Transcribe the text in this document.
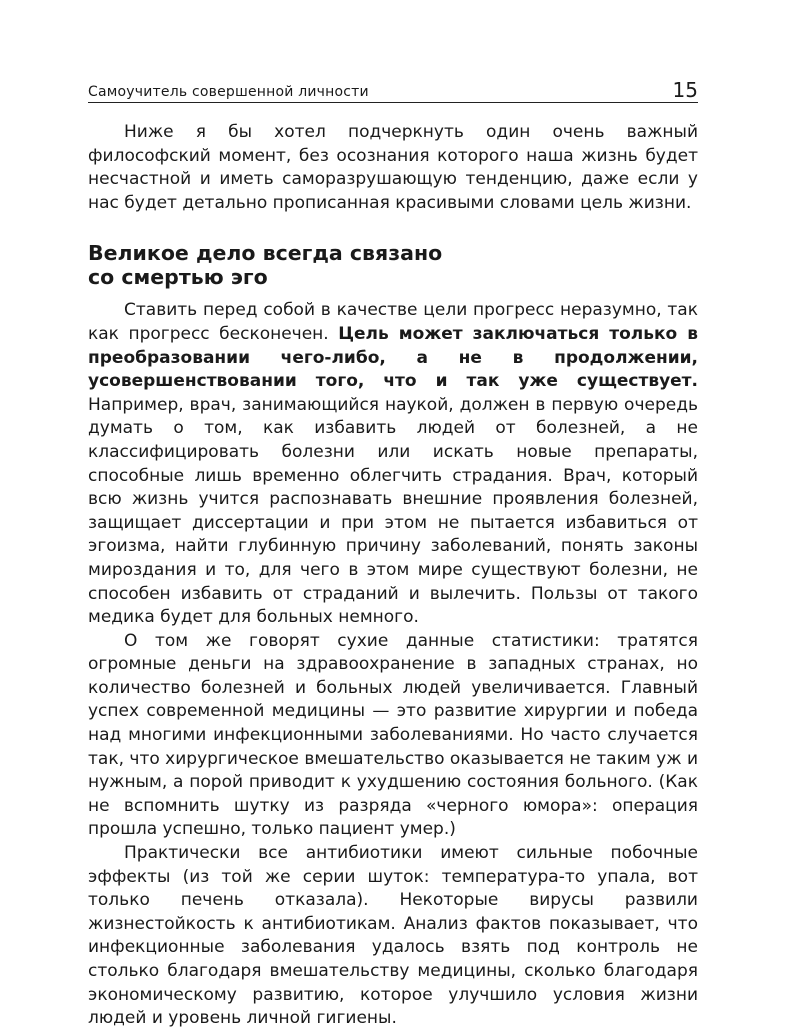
Самоучитель совершенной личности	15

Ниже я бы хотел подчеркнуть один очень важный философский момент, без осознания которого наша жизнь будет несчастной и иметь саморазрушающую тенденцию, даже если у нас будет детально прописанная красивыми словами цель жизни.

Великое дело всегда связано
со смертью эго

Ставить перед собой в качестве цели прогресс неразумно, так как прогресс бесконечен. Цель может заключаться только в преобразовании чего-либо, а не в продолжении, усовершенствовании того, что и так уже существует. Например, врач, занимающийся наукой, должен в первую очередь думать о том, как избавить людей от болезней, а не классифицировать болезни или искать новые препараты, способные лишь временно облегчить страдания. Врач, который всю жизнь учится распознавать внешние проявления болезней, защищает диссертации и при этом не пытается избавиться от эгоизма, найти глубинную причину заболеваний, понять законы мироздания и то, для чего в этом мире существуют болезни, не способен избавить от страданий и вылечить. Пользы от такого медика будет для больных немного.

О том же говорят сухие данные статистики: тратятся огромные деньги на здравоохранение в западных странах, но количество болезней и больных людей увеличивается. Главный успех современной медицины — это развитие хирургии и победа над многими инфекционными заболеваниями. Но часто случается так, что хирургическое вмешательство оказывается не таким уж и нужным, а порой приводит к ухудшению состояния больного. (Как не вспомнить шутку из разряда «черного юмора»: операция прошла успешно, только пациент умер.)

Практически все антибиотики имеют сильные побочные эффекты (из той же серии шуток: температура-то упала, вот только печень отказала). Некоторые вирусы развили жизнестойкость к антибиотикам. Анализ фактов показывает, что инфекционные заболевания удалось взять под контроль не столько благодаря вмешательству медицины, сколько благодаря экономическому развитию, которое улучшило условия жизни людей и уровень личной гигиены.
